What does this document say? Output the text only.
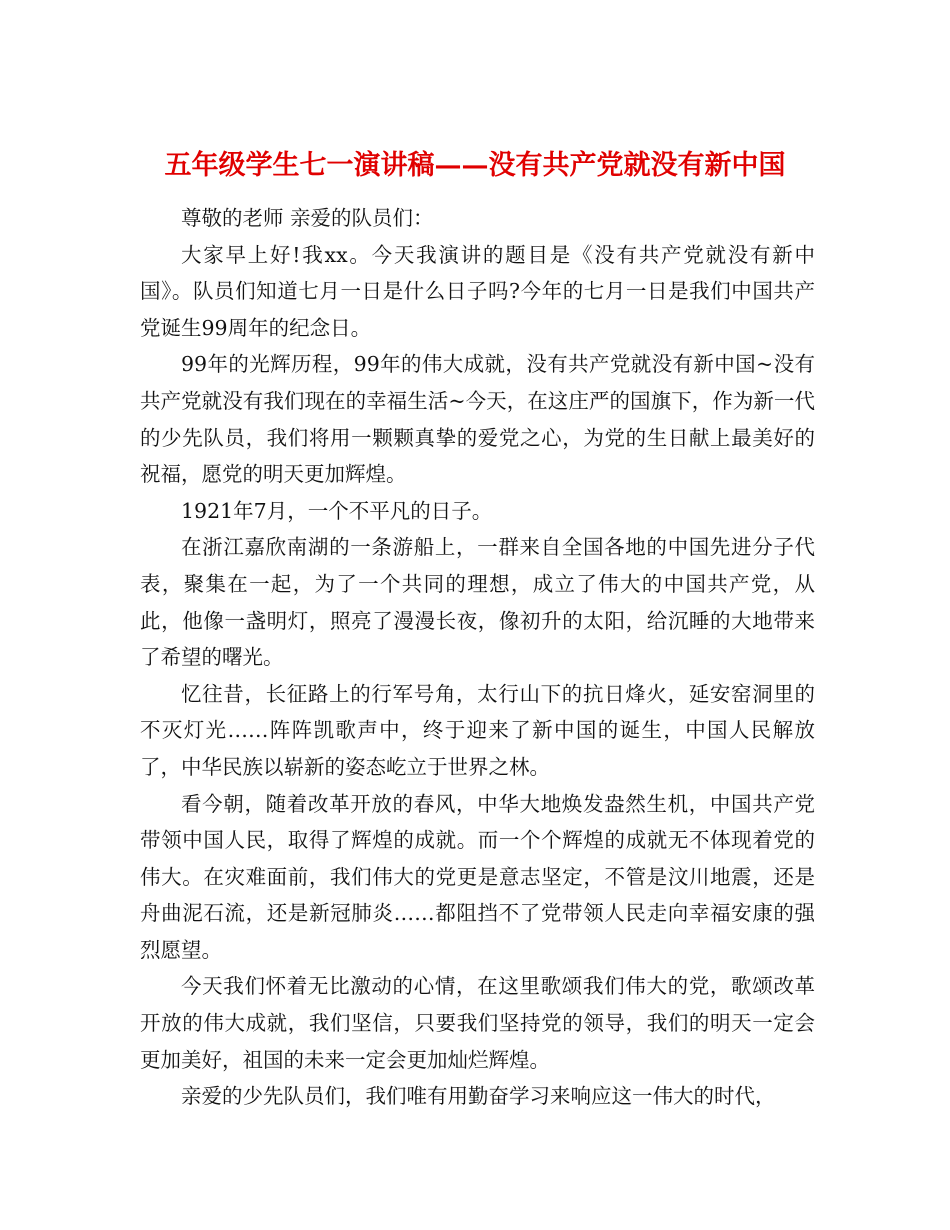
五年级学生七一演讲稿——没有共产党就没有新中国

尊敬的老师 亲爱的队员们：

大家早上好!我xx。今天我演讲的题目是《没有共产党就没有新中国》。队员们知道七月一日是什么日子吗?今年的七月一日是我们中国共产党诞生99周年的纪念日。

99年的光辉历程，99年的伟大成就，没有共产党就没有新中国~没有共产党就没有我们现在的幸福生活~今天，在这庄严的国旗下，作为新一代的少先队员，我们将用一颗颗真挚的爱党之心，为党的生日献上最美好的祝福，愿党的明天更加辉煌。

1921年7月，一个不平凡的日子。

在浙江嘉欣南湖的一条游船上，一群来自全国各地的中国先进分子代表，聚集在一起，为了一个共同的理想，成立了伟大的中国共产党，从此，他像一盏明灯，照亮了漫漫长夜，像初升的太阳，给沉睡的大地带来了希望的曙光。

忆往昔，长征路上的行军号角，太行山下的抗日烽火，延安窑洞里的不灭灯光……阵阵凯歌声中，终于迎来了新中国的诞生，中国人民解放了，中华民族以崭新的姿态屹立于世界之林。

看今朝，随着改革开放的春风，中华大地焕发盎然生机，中国共产党带领中国人民，取得了辉煌的成就。而一个个辉煌的成就无不体现着党的伟大。在灾难面前，我们伟大的党更是意志坚定，不管是汶川地震，还是舟曲泥石流，还是新冠肺炎……都阻挡不了党带领人民走向幸福安康的强烈愿望。

今天我们怀着无比激动的心情，在这里歌颂我们伟大的党，歌颂改革开放的伟大成就，我们坚信，只要我们坚持党的领导，我们的明天一定会更加美好，祖国的未来一定会更加灿烂辉煌。

亲爱的少先队员们，我们唯有用勤奋学习来响应这一伟大的时代，
